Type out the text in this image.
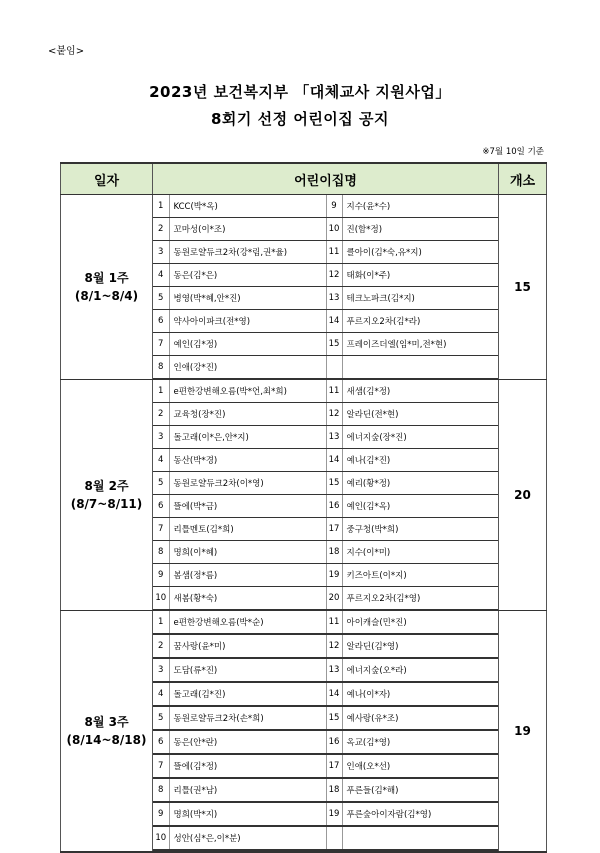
<붙임>
2023년 보건복지부 「대체교사 지원사업」
8회기 선정 어린이집 공지
※7월 10일 기준
일자	어린이집명	개소

8월 1주
(8/1~8/4)

1	KCC(박*옥)	9	지수(윤*수)
2	꼬마성(이*조)	10	진(함*정)
3	동원로얄듀크2차(강*림,권*율)	11	클아이(김*숙,유*지)
4	동은(김*은)	12	태화(이*주)
5	병영(박*혜,안*진)	13	테크노파크(김*지)
6	약사아이파크(전*영)	14	푸르지오2차(김*라)
7	예인(김*정)	15	프레이즈더엘(임*미,전*현)
8	인애(강*진)		
	15

8월 2주
(8/7~8/11)

1	e편한강변해오름(박*언,최*희)	11	새샘(김*정)
2	교육청(장*진)	12	알라딘(전*현)
3	돌고래(이*은,안*지)	13	에너지숲(장*진)
4	동산(박*경)	14	예나(김*진)
5	동원로얄듀크2차(이*영)	15	예리(황*정)
6	뜰에(박*금)	16	예인(김*옥)
7	리틀멘토(김*희)	17	중구청(박*희)
8	명희(이*혜)	18	지수(이*미)
9	봄샘(정*름)	19	키즈아트(이*지)
10	새봄(황*숙)	20	푸르지오2차(김*영)
	20

8월 3주
(8/14~8/18)

1	e편한강변해오름(박*순)	11	아이캐슬(민*진)
2	꿈사랑(윤*미)	12	알라딘(김*영)
3	도담(류*진)	13	에너지숲(오*라)
4	돌고래(김*진)	14	예나(이*자)
5	동원로얄듀크2차(손*희)	15	예사랑(유*조)
6	동은(안*란)	16	옥교(김*영)
7	뜰에(김*정)	17	인애(오*선)
8	리틀(권*남)	18	푸른들(김*해)
9	명희(박*지)	19	푸른숲아이자람(김*영)
10	성안(심*은,이*분)		
	19
